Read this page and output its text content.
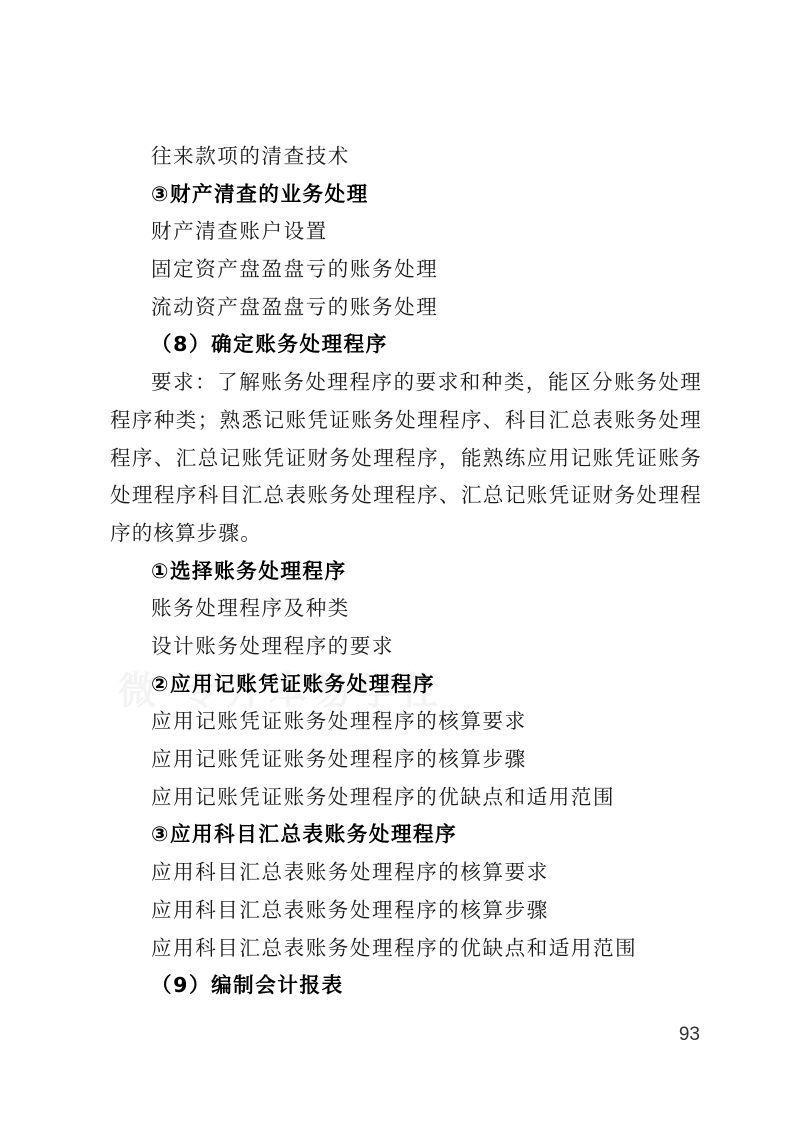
往来款项的清查技术
③财产清查的业务处理
财产清查账户设置
固定资产盘盈盘亏的账务处理
流动资产盘盈盘亏的账务处理
（8）确定账务处理程序
要求：了解账务处理程序的要求和种类，能区分账务处理程序种类；熟悉记账凭证账务处理程序、科目汇总表账务处理程序、汇总记账凭证财务处理程序，能熟练应用记账凭证账务处理程序科目汇总表账务处理程序、汇总记账凭证财务处理程序的核算步骤。
①选择账务处理程序
账务处理程序及种类
设计账务处理程序的要求
②应用记账凭证账务处理程序
应用记账凭证账务处理程序的核算要求
应用记账凭证账务处理程序的核算步骤
应用记账凭证账务处理程序的优缺点和适用范围
③应用科目汇总表账务处理程序
应用科目汇总表账务处理程序的核算要求
应用科目汇总表账务处理程序的核算步骤
应用科目汇总表账务处理程序的优缺点和适用范围
（9）编制会计报表
93
